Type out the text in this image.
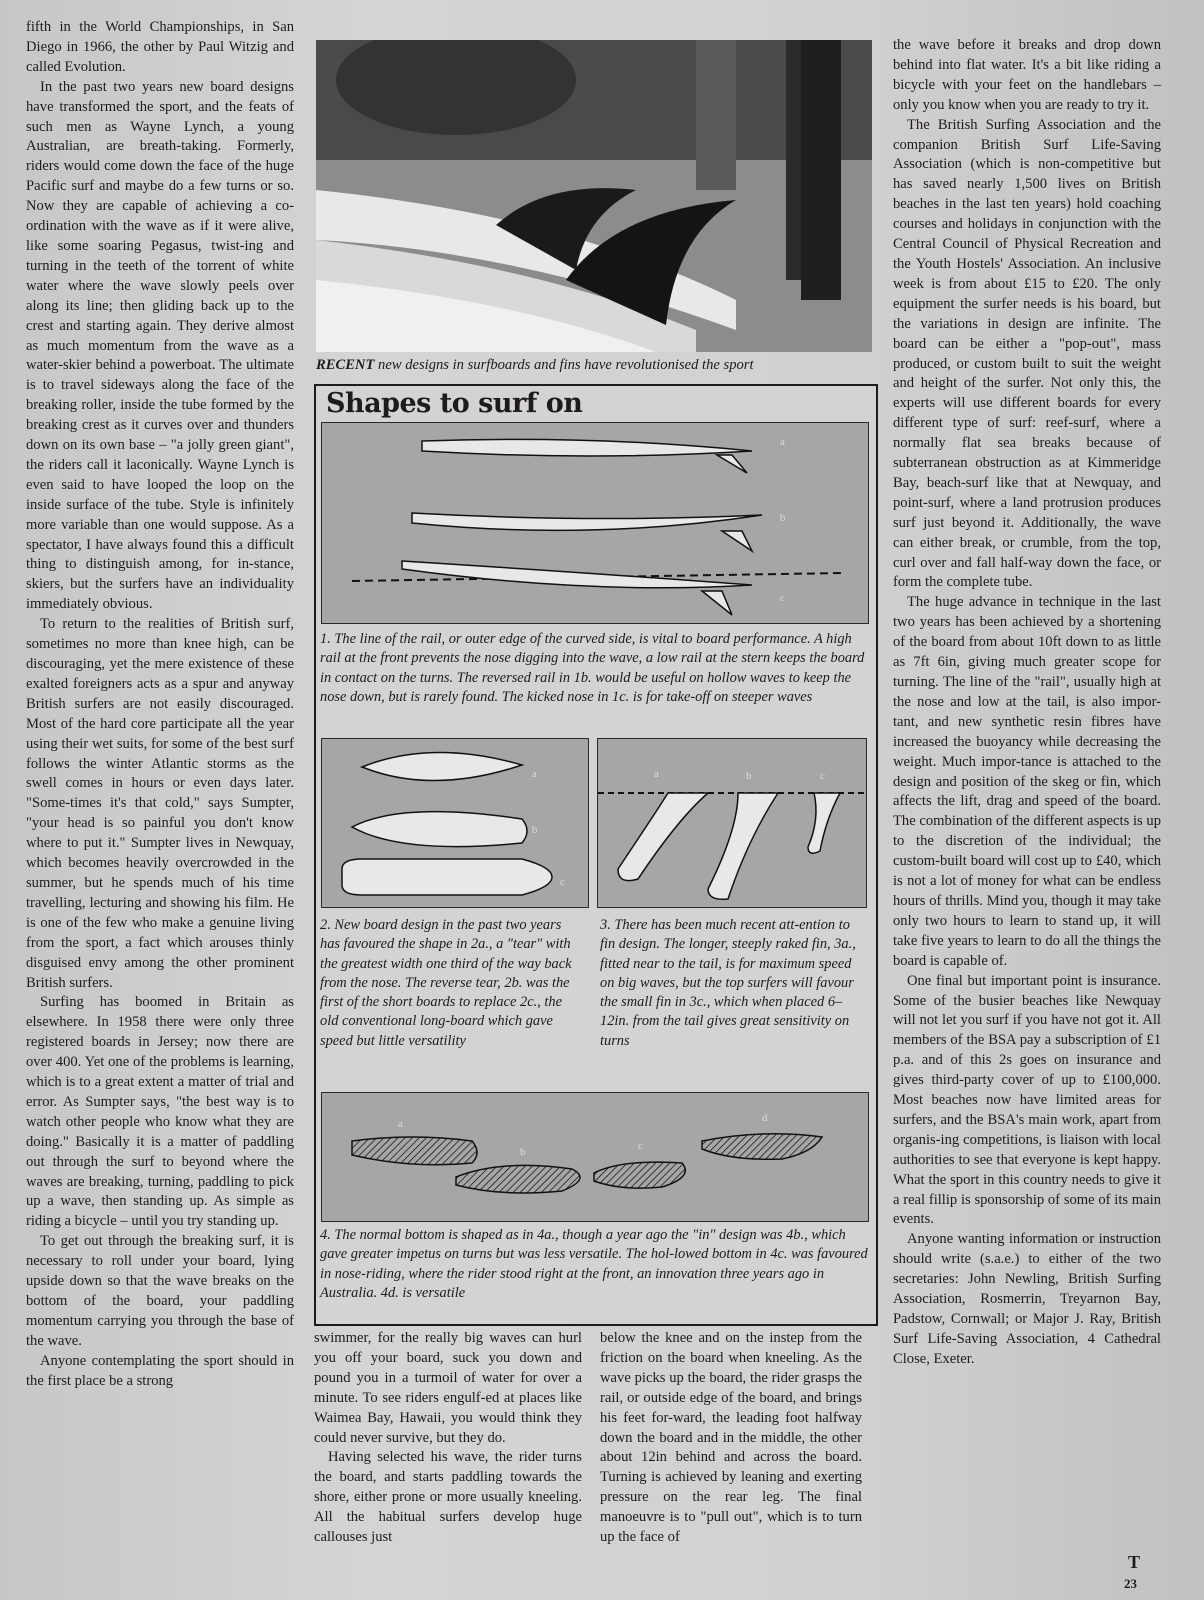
fifth in the World Championships, in San Diego in 1966, the other by Paul Witzig and called Evolution.

In the past two years new board designs have transformed the sport, and the feats of such men as Wayne Lynch, a young Australian, are breath-taking. Formerly, riders would come down the face of the huge Pacific surf and maybe do a few turns or so. Now they are capable of achieving a co-ordination with the wave as if it were alive, like some soaring Pegasus, twist-ing and turning in the teeth of the torrent of white water where the wave slowly peels over along its line; then gliding back up to the crest and starting again. They derive almost as much momentum from the wave as a water-skier behind a powerboat. The ultimate is to travel sideways along the face of the breaking roller, inside the tube formed by the breaking crest as it curves over and thunders down on its own base – "a jolly green giant", the riders call it laconically. Wayne Lynch is even said to have looped the loop on the inside surface of the tube. Style is infinitely more variable than one would suppose. As a spectator, I have always found this a difficult thing to distinguish among, for in-stance, skiers, but the surfers have an individuality immediately obvious.

To return to the realities of British surf, sometimes no more than knee high, can be discouraging, yet the mere existence of these exalted foreigners acts as a spur and anyway British surfers are not easily discouraged. Most of the hard core participate all the year using their wet suits, for some of the best surf follows the winter Atlantic storms as the swell comes in hours or even days later. "Some-times it's that cold," says Sumpter, "your head is so painful you don't know where to put it." Sumpter lives in Newquay, which becomes heavily overcrowded in the summer, but he spends much of his time travelling, lecturing and showing his film. He is one of the few who make a genuine living from the sport, a fact which arouses thinly disguised envy among the other prominent British surfers.

Surfing has boomed in Britain as elsewhere. In 1958 there were only three registered boards in Jersey; now there are over 400. Yet one of the problems is learning, which is to a great extent a matter of trial and error. As Sumpter says, "the best way is to watch other people who know what they are doing." Basically it is a matter of paddling out through the surf to beyond where the waves are breaking, turning, paddling to pick up a wave, then standing up. As simple as riding a bicycle – until you try standing up.

To get out through the breaking surf, it is necessary to roll under your board, lying upside down so that the wave breaks on the bottom of the board, your paddling momentum carrying you through the base of the wave.

Anyone contemplating the sport should in the first place be a strong

RECENT new designs in surfboards and fins have revolutionised the sport
Shapes to surf on
a
b
c
1. The line of the rail, or outer edge of the curved side, is vital to board performance. A high rail at the front prevents the nose digging into the wave, a low rail at the stern keeps the board in contact on the turns. The reversed rail in 1b. would be useful on hollow waves to keep the nose down, but is rarely found. The kicked nose in 1c. is for take-off on steeper waves
a
b
c
2. New board design in the past two years has favoured the shape in 2a., a "tear" with the greatest width one third of the way back from the nose. The reverse tear, 2b. was the first of the short boards to replace 2c., the old conventional long-board which gave speed but little versatility
a	b	c
3. There has been much recent att-ention to fin design. The longer, steeply raked fin, 3a., fitted near to the tail, is for maximum speed on big waves, but the top surfers will favour the small fin in 3c., which when placed 6–12in. from the tail gives great sensitivity on turns
a
b	c
d
4. The normal bottom is shaped as in 4a., though a year ago the "in" design was 4b., which gave greater impetus on turns but was less versatile. The hol-lowed bottom in 4c. was favoured in nose-riding, where the rider stood right at the front, an innovation three years ago in Australia. 4d. is versatile

swimmer, for the really big waves can hurl you off your board, suck you down and pound you in a turmoil of water for over a minute. To see riders engulf-ed at places like Waimea Bay, Hawaii, you would think they could never survive, but they do.

Having selected his wave, the rider turns the board, and starts paddling towards the shore, either prone or more usually kneeling. All the habitual surfers develop huge callouses just

below the knee and on the instep from the friction on the board when kneeling. As the wave picks up the board, the rider grasps the rail, or outside edge of the board, and brings his feet for-ward, the leading foot halfway down the board and in the middle, the other about 12in behind and across the board. Turning is achieved by leaning and exerting pressure on the rear leg. The final manoeuvre is to "pull out", which is to turn up the face of

the wave before it breaks and drop down behind into flat water. It's a bit like riding a bicycle with your feet on the handlebars – only you know when you are ready to try it.

The British Surfing Association and the companion British Surf Life-Saving Association (which is non-competitive but has saved nearly 1,500 lives on British beaches in the last ten years) hold coaching courses and holidays in conjunction with the Central Council of Physical Recreation and the Youth Hostels' Association. An inclusive week is from about £15 to £20. The only equipment the surfer needs is his board, but the variations in design are infinite. The board can be either a "pop-out", mass produced, or custom built to suit the weight and height of the surfer. Not only this, the experts will use different boards for every different type of surf: reef-surf, where a normally flat sea breaks because of subterranean obstruction as at Kimmeridge Bay, beach-surf like that at Newquay, and point-surf, where a land protrusion produces surf just beyond it. Additionally, the wave can either break, or crumble, from the top, curl over and fall half-way down the face, or form the complete tube.

The huge advance in technique in the last two years has been achieved by a shortening of the board from about 10ft down to as little as 7ft 6in, giving much greater scope for turning. The line of the "rail", usually high at the nose and low at the tail, is also impor-tant, and new synthetic resin fibres have increased the buoyancy while decreasing the weight. Much impor-tance is attached to the design and position of the skeg or fin, which affects the lift, drag and speed of the board. The combination of the different aspects is up to the discretion of the individual; the custom-built board will cost up to £40, which is not a lot of money for what can be endless hours of thrills. Mind you, though it may take only two hours to learn to stand up, it will take five years to learn to do all the things the board is capable of.

One final but important point is insurance. Some of the busier beaches like Newquay will not let you surf if you have not got it. All members of the BSA pay a subscription of £1 p.a. and of this 2s goes on insurance and gives third-party cover of up to £100,000. Most beaches now have limited areas for surfers, and the BSA's main work, apart from organis-ing competitions, is liaison with local authorities to see that everyone is kept happy. What the sport in this country needs to give it a real fillip is sponsorship of some of its main events.

Anyone wanting information or instruction should write (s.a.e.) to either of the two secretaries: John Newling, British Surfing Association, Rosmerrin, Treyarnon Bay, Padstow, Cornwall; or Major J. Ray, British Surf Life-Saving Association, 4 Cathedral Close, Exeter.

T
23
